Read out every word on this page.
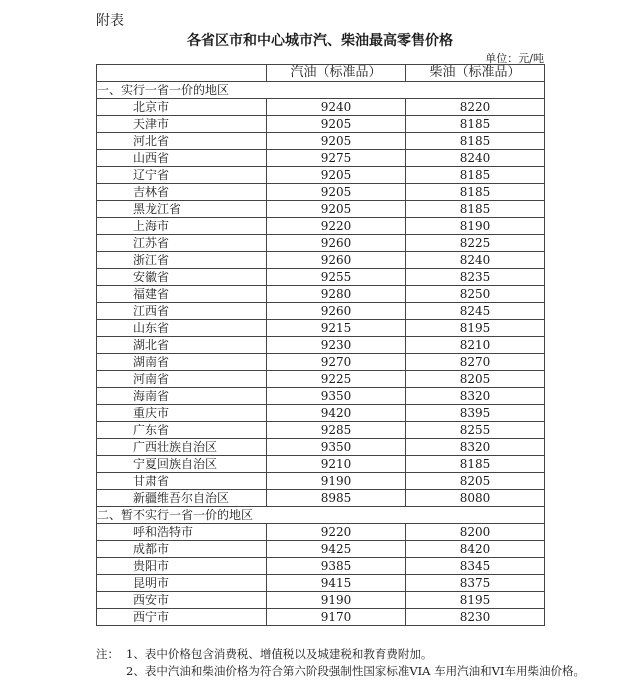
附表
各省区市和中心城市汽、柴油最高零售价格
单位：元/吨
	汽油（标准品）	柴油（标准品）
一、实行一省一价的地区		
北京市	9240	8220
天津市	9205	8185
河北省	9205	8185
山西省	9275	8240
辽宁省	9205	8185
吉林省	9205	8185
黑龙江省	9205	8185
上海市	9220	8190
江苏省	9260	8225
浙江省	9260	8240
安徽省	9255	8235
福建省	9280	8250
江西省	9260	8245
山东省	9215	8195
湖北省	9230	8210
湖南省	9270	8270
河南省	9225	8205
海南省	9350	8320
重庆市	9420	8395
广东省	9285	8255
广西壮族自治区	9350	8320
宁夏回族自治区	9210	8185
甘肃省	9190	8205
新疆维吾尔自治区	8985	8080
二、暂不实行一省一价的地区		
呼和浩特市	9220	8200
成都市	9425	8420
贵阳市	9385	8345
昆明市	9415	8375
西安市	9190	8195
西宁市	9170	8230

注： 1、表中价格包含消费税、增值税以及城建税和教育费附加。

2、表中汽油和柴油价格为符合第六阶段强制性国家标准VIA 车用汽油和VI车用柴油价格。
